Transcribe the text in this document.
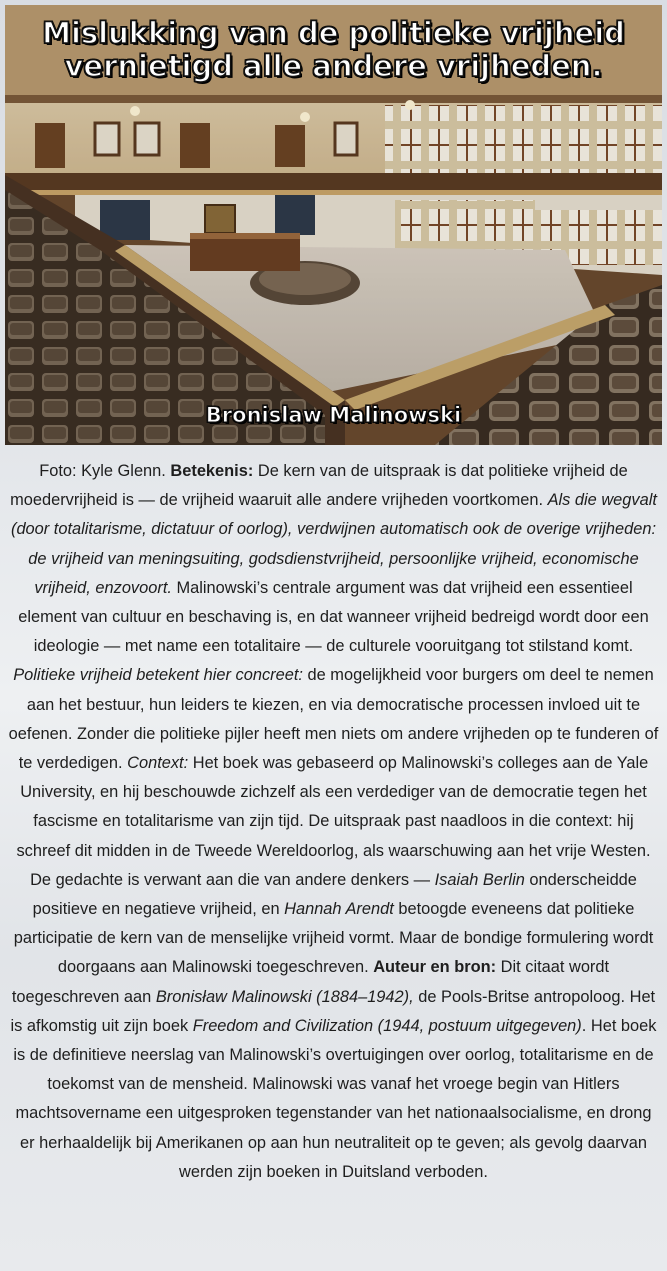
Mislukking van de politieke vrijheid
vernietigd alle andere vrijheden.
Bronislaw Malinowski
Foto: Kyle Glenn. Betekenis: De kern van de uitspraak is dat politieke vrijheid de moedervrijheid is — de vrijheid waaruit alle andere vrijheden voortkomen. Als die wegvalt (door totalitarisme, dictatuur of oorlog), verdwijnen automatisch ook de overige vrijheden: de vrijheid van meningsuiting, godsdienstvrijheid, persoonlijke vrijheid, economische vrijheid, enzovoort. Malinowski’s centrale argument was dat vrijheid een essentieel element van cultuur en beschaving is, en dat wanneer vrijheid bedreigd wordt door een ideologie — met name een totalitaire — de culturele vooruitgang tot stilstand komt. Politieke vrijheid betekent hier concreet: de mogelijkheid voor burgers om deel te nemen aan het bestuur, hun leiders te kiezen, en via democratische processen invloed uit te oefenen. Zonder die politieke pijler heeft men niets om andere vrijheden op te funderen of te verdedigen. Context: Het boek was gebaseerd op Malinowski’s colleges aan de Yale University, en hij beschouwde zichzelf als een verdediger van de democratie tegen het fascisme en totalitarisme van zijn tijd. De uitspraak past naadloos in die context: hij schreef dit midden in de Tweede Wereldoorlog, als waarschuwing aan het vrije Westen. De gedachte is verwant aan die van andere denkers — Isaiah Berlin onderscheidde positieve en negatieve vrijheid, en Hannah Arendt betoogde eveneens dat politieke participatie de kern van de menselijke vrijheid vormt. Maar de bondige formulering wordt doorgaans aan Malinowski toegeschreven. Auteur en bron: Dit citaat wordt toegeschreven aan Bronisław Malinowski (1884–1942), de Pools-Britse antropoloog. Het is afkomstig uit zijn boek Freedom and Civilization (1944, postuum uitgegeven). Het boek is de definitieve neerslag van Malinowski’s overtuigingen over oorlog, totalitarisme en de toekomst van de mensheid. Malinowski was vanaf het vroege begin van Hitlers machtsovername een uitgesproken tegenstander van het nationaalsocialisme, en drong er herhaaldelijk bij Amerikanen op aan hun neutraliteit op te geven; als gevolg daarvan werden zijn boeken in Duitsland verboden.
